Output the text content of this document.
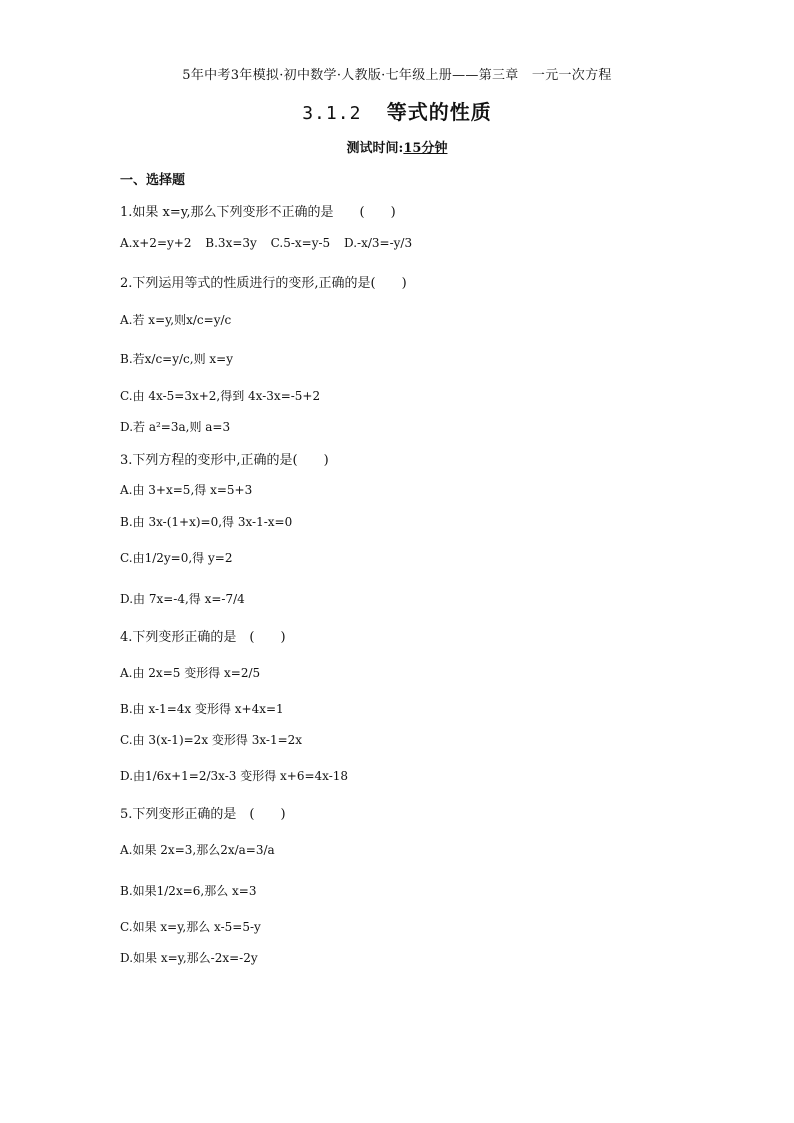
5年中考3年模拟·初中数学·人教版·七年级上册——第三章　一元一次方程
3.1.2 等式的性质
测试时间:15分钟
一、选择题
1.如果 x=y,那么下列变形不正确的是　　(　　)
A.x+2=y+2 B.3x=3y C.5-x=y-5 D.-x/3=-y/3
2.下列运用等式的性质进行的变形,正确的是(　　)
A.若 x=y,则x/c=y/c
B.若x/c=y/c,则 x=y
C.由 4x-5=3x+2,得到 4x-3x=-5+2
D.若 a²=3a,则 a=3
3.下列方程的变形中,正确的是(　　)
A.由 3+x=5,得 x=5+3
B.由 3x-(1+x)=0,得 3x-1-x=0
C.由1/2y=0,得 y=2
D.由 7x=-4,得 x=-7/4
4.下列变形正确的是　(　　)
A.由 2x=5 变形得 x=2/5
B.由 x-1=4x 变形得 x+4x=1
C.由 3(x-1)=2x 变形得 3x-1=2x
D.由1/6x+1=2/3x-3 变形得 x+6=4x-18
5.下列变形正确的是　(　　)
A.如果 2x=3,那么2x/a=3/a
B.如果1/2x=6,那么 x=3
C.如果 x=y,那么 x-5=5-y
D.如果 x=y,那么-2x=-2y
